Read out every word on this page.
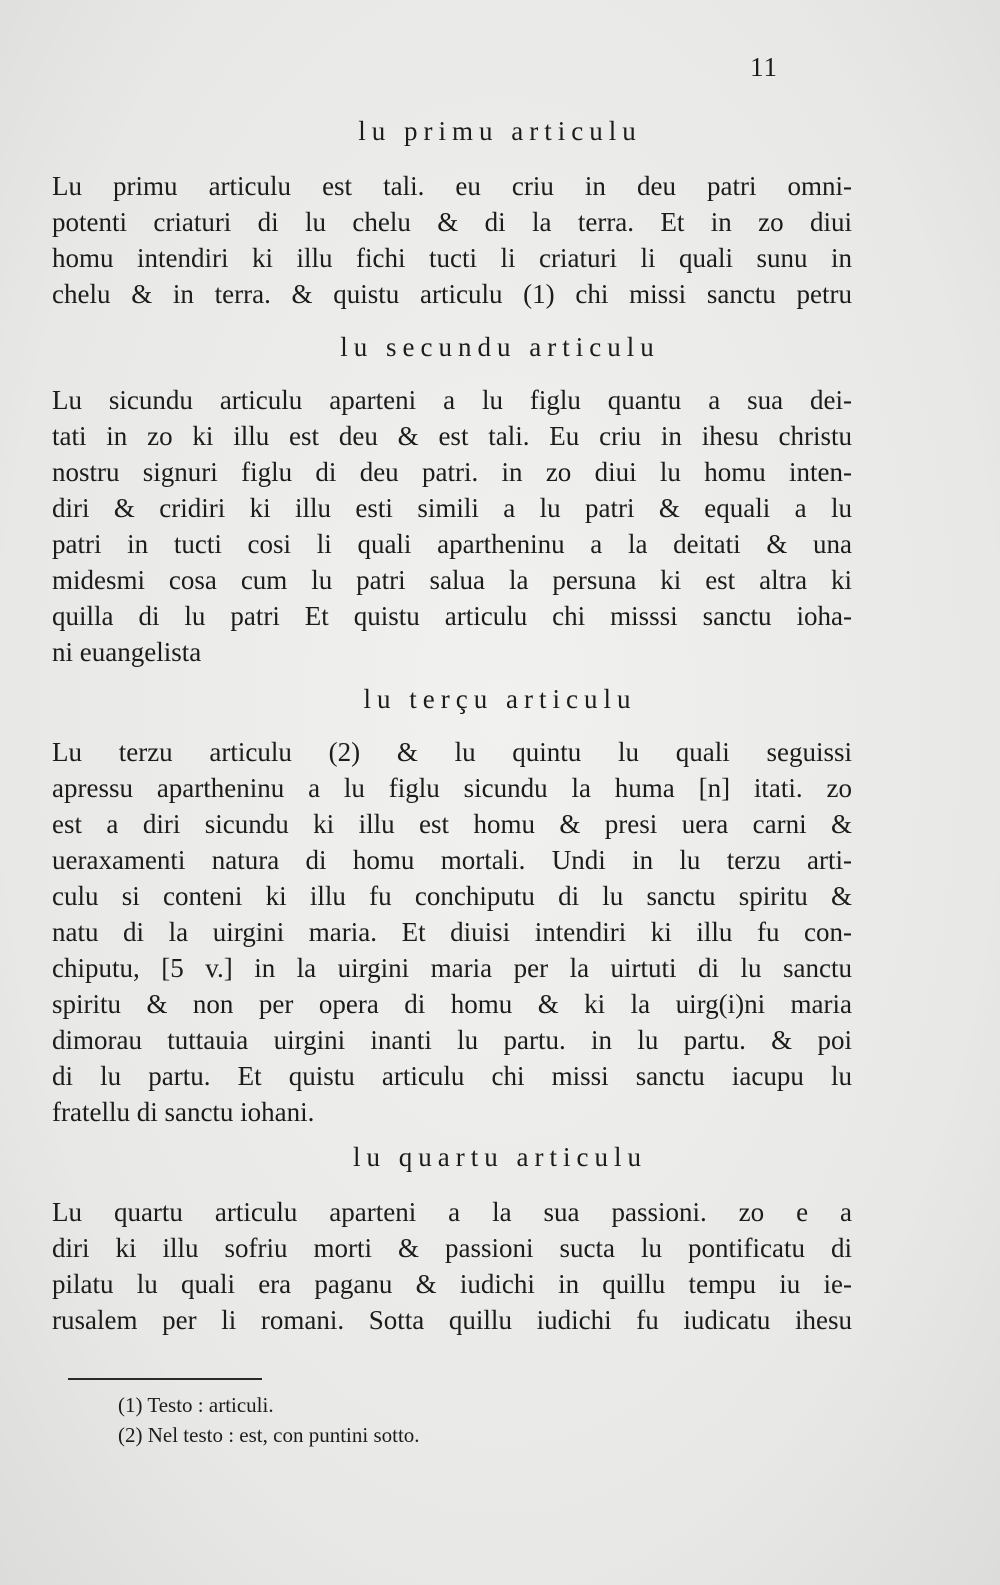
11
lu primu articulu
Lu primu articulu est tali. eu criu in deu patri omni-
potenti criaturi di lu chelu & di la terra. Et in zo diui
homu intendiri ki illu fichi tucti li criaturi li quali sunu in
chelu & in terra. & quistu articulu (1) chi missi sanctu petru
lu secundu articulu
Lu sicundu articulu aparteni a lu figlu quantu a sua dei-
tati in zo ki illu est deu & est tali. Eu criu in ihesu christu
nostru signuri figlu di deu patri. in zo diui lu homu inten-
diri & cridiri ki illu esti simili a lu patri & equali a lu
patri in tucti cosi li quali apartheninu a la deitati & una
midesmi cosa cum lu patri salua la persuna ki est altra ki
quilla di lu patri Et quistu articulu chi misssi sanctu ioha-
ni euangelista
lu terçu articulu
Lu terzu articulu (2) & lu quintu lu quali seguissi
apressu apartheninu a lu figlu sicundu la huma [n] itati. zo
est a diri sicundu ki illu est homu & presi uera carni &
ueraxamenti natura di homu mortali. Undi in lu terzu arti-
culu si conteni ki illu fu conchiputu di lu sanctu spiritu &
natu di la uirgini maria. Et diuisi intendiri ki illu fu con-
chiputu, [5 v.] in la uirgini maria per la uirtuti di lu sanctu
spiritu & non per opera di homu & ki la uirg(i)ni maria
dimorau tuttauia uirgini inanti lu partu. in lu partu. & poi
di lu partu. Et quistu articulu chi missi sanctu iacupu lu
fratellu di sanctu iohani.
lu quartu articulu
Lu quartu articulu aparteni a la sua passioni. zo e a
diri ki illu sofriu morti & passioni sucta lu pontificatu di
pilatu lu quali era paganu & iudichi in quillu tempu iu ie-
rusalem per li romani. Sotta quillu iudichi fu iudicatu ihesu
(1) Testo : articuli.
(2) Nel testo : est, con puntini sotto.
